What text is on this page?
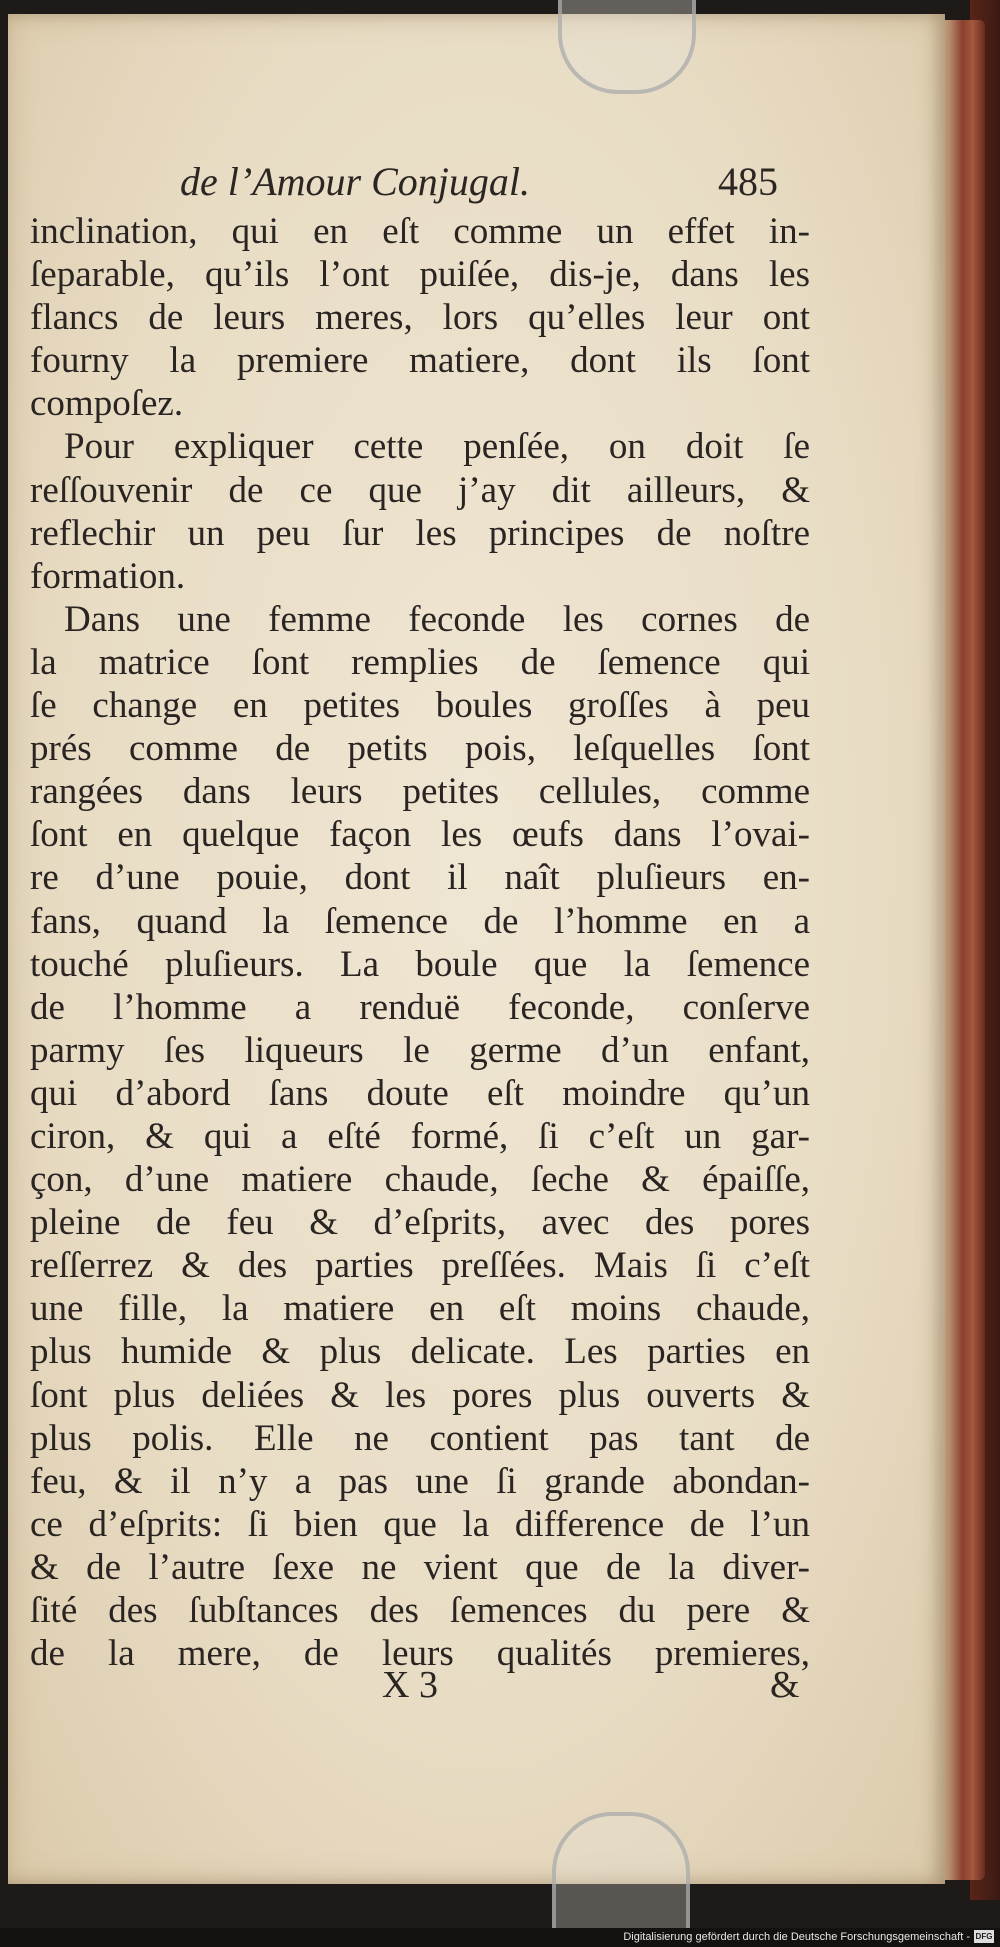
de l’Amour Conjugal.	485
inclination, qui en eſt comme un effet in-
ſeparable, qu’ils l’ont puiſée, dis-je, dans les
flancs de leurs meres, lors qu’elles leur ont
fourny la premiere matiere, dont ils ſont
compoſez.
Pour expliquer cette penſée, on doit ſe
reſſouvenir de ce que j’ay dit ailleurs, &
reflechir un peu ſur les principes de noſtre
formation.
Dans une femme feconde les cornes de
la matrice ſont remplies de ſemence qui
ſe change en petites boules groſſes à peu
prés comme de petits pois, leſquelles ſont
rangées dans leurs petites cellules, comme
ſont en quelque façon les œufs dans l’ovai-
re d’une pouie, dont il naît pluſieurs en-
fans, quand la ſemence de l’homme en a
touché pluſieurs. La boule que la ſemence
de l’homme a renduë feconde, conſerve
parmy ſes liqueurs le germe d’un enfant,
qui d’abord ſans doute eſt moindre qu’un
ciron, & qui a eſté formé, ſi c’eſt un gar-
çon, d’une matiere chaude, ſeche & épaiſſe,
pleine de feu & d’eſprits, avec des pores
reſſerrez & des parties preſſées. Mais ſi c’eſt
une fille, la matiere en eſt moins chaude,
plus humide & plus delicate. Les parties en
ſont plus deliées & les pores plus ouverts &
plus polis. Elle ne contient pas tant de
feu, & il n’y a pas une ſi grande abondan-
ce d’eſprits: ſi bien que la difference de l’un
& de l’autre ſexe ne vient que de la diver-
ſité des ſubſtances des ſemences du pere &
de la mere, de leurs qualités premieres,
X 3	&
Digitalisierung gefördert durch die Deutsche Forschungsgemeinschaft - DFG
